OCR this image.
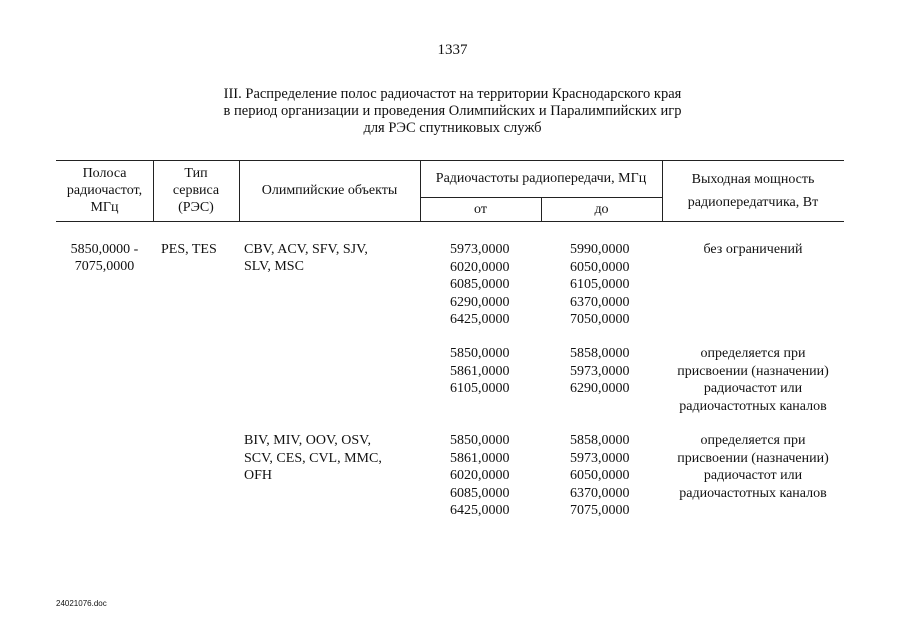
1337
III. Распределение полос радиочастот на территории Краснодарского края
в период организации и проведения Олимпийских и Паралимпийских игр
для РЭС спутниковых служб
Полоса
радиочастот,
МГц
Тип
сервиса
(РЭС)
Олимпийские объекты
Радиочастоты радиопередачи, МГц
от	до
Выходная мощность
радиопередатчика, Вт
5850,0000 -
7075,0000
PES, TES CBV, ACV, SFV, SJV,
SLV, MSC
5973,0000
6020,0000
6085,0000
6290,0000
6425,0000
5990,0000
6050,0000
6105,0000
6370,0000
7050,0000
без ограничений
5850,0000
5861,0000
6105,0000
5858,0000
5973,0000
6290,0000
определяется при
присвоении (назначении)
радиочастот или
радиочастотных каналов
BIV, MIV, OOV, OSV,
SCV, CES, CVL, MMC,
OFH
5850,0000
5861,0000
6020,0000
6085,0000
6425,0000
5858,0000
5973,0000
6050,0000
6370,0000
7075,0000
определяется при
присвоении (назначении)
радиочастот или
радиочастотных каналов
24021076.doc
